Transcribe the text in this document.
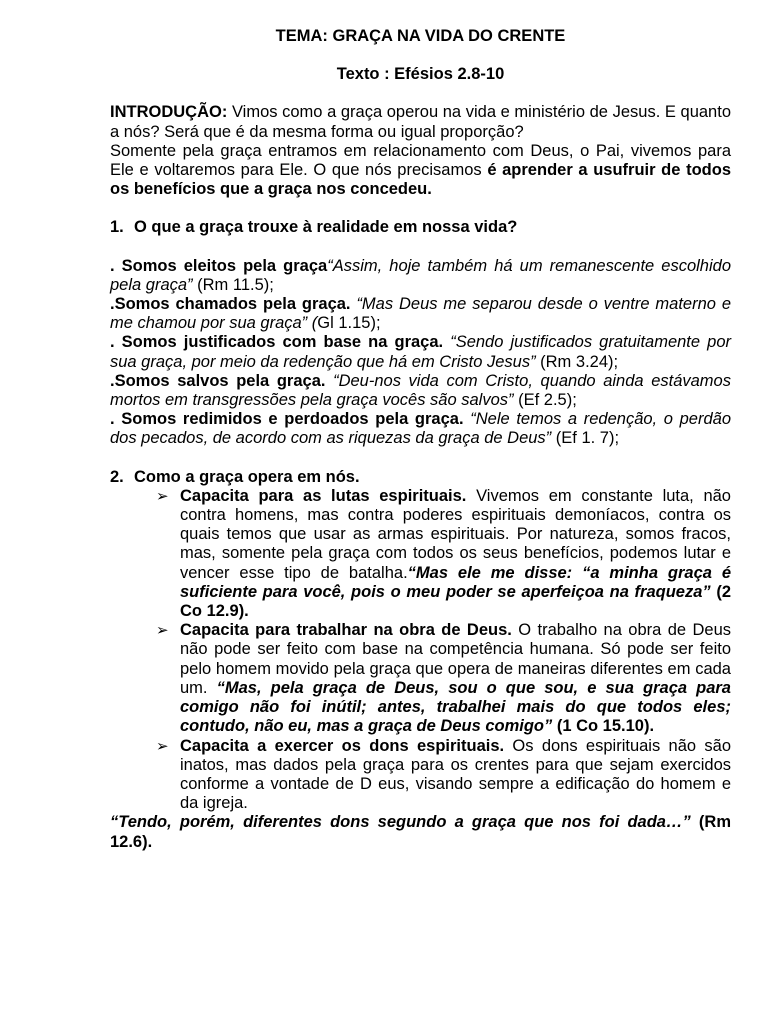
TEMA: GRAÇA NA VIDA DO CRENTE
Texto : Efésios 2.8-10
INTRODUÇÃO: Vimos como a graça operou na vida e ministério de Jesus. E quanto a nós? Será que é da mesma forma ou igual proporção?
Somente pela graça entramos em relacionamento com Deus, o Pai, vivemos para Ele e voltaremos para Ele. O que nós precisamos é aprender a usufruir de todos os benefícios que a graça nos concedeu.
1. O que a graça trouxe à realidade em nossa vida?
. Somos eleitos pela graça“Assim, hoje também há um remanescente escolhido pela graça” (Rm 11.5);
.Somos chamados pela graça. “Mas Deus me separou desde o ventre materno e me chamou por sua graça” (Gl 1.15);
. Somos justificados com base na graça. “Sendo justificados gratuitamente por sua graça, por meio da redenção que há em Cristo Jesus” (Rm 3.24);
.Somos salvos pela graça. “Deu-nos vida com Cristo, quando ainda estávamos mortos em transgressões pela graça vocês são salvos” (Ef 2.5);
. Somos redimidos e perdoados pela graça. “Nele temos a redenção, o perdão dos pecados, de acordo com as riquezas da graça de Deus” (Ef 1. 7);
2. Como a graça opera em nós.
➢ Capacita para as lutas espirituais. Vivemos em constante luta, não contra homens, mas contra poderes espirituais demoníacos, contra os quais temos que usar as armas espirituais. Por natureza, somos fracos, mas, somente pela graça com todos os seus benefícios, podemos lutar e vencer esse tipo de batalha.“Mas ele me disse: “a minha graça é suficiente para você, pois o meu poder se aperfeiçoa na fraqueza” (2 Co 12.9).
➢ Capacita para trabalhar na obra de Deus. O trabalho na obra de Deus não pode ser feito com base na competência humana. Só pode ser feito pelo homem movido pela graça que opera de maneiras diferentes em cada um. “Mas, pela graça de Deus, sou o que sou, e sua graça para comigo não foi inútil; antes, trabalhei mais do que todos eles; contudo, não eu, mas a graça de Deus comigo” (1 Co 15.10).
➢ Capacita a exercer os dons espirituais. Os dons espirituais não são inatos, mas dados pela graça para os crentes para que sejam exercidos conforme a vontade de D eus, visando sempre a edificação do homem e da igreja.
“Tendo, porém, diferentes dons segundo a graça que nos foi dada…” (Rm 12.6).
